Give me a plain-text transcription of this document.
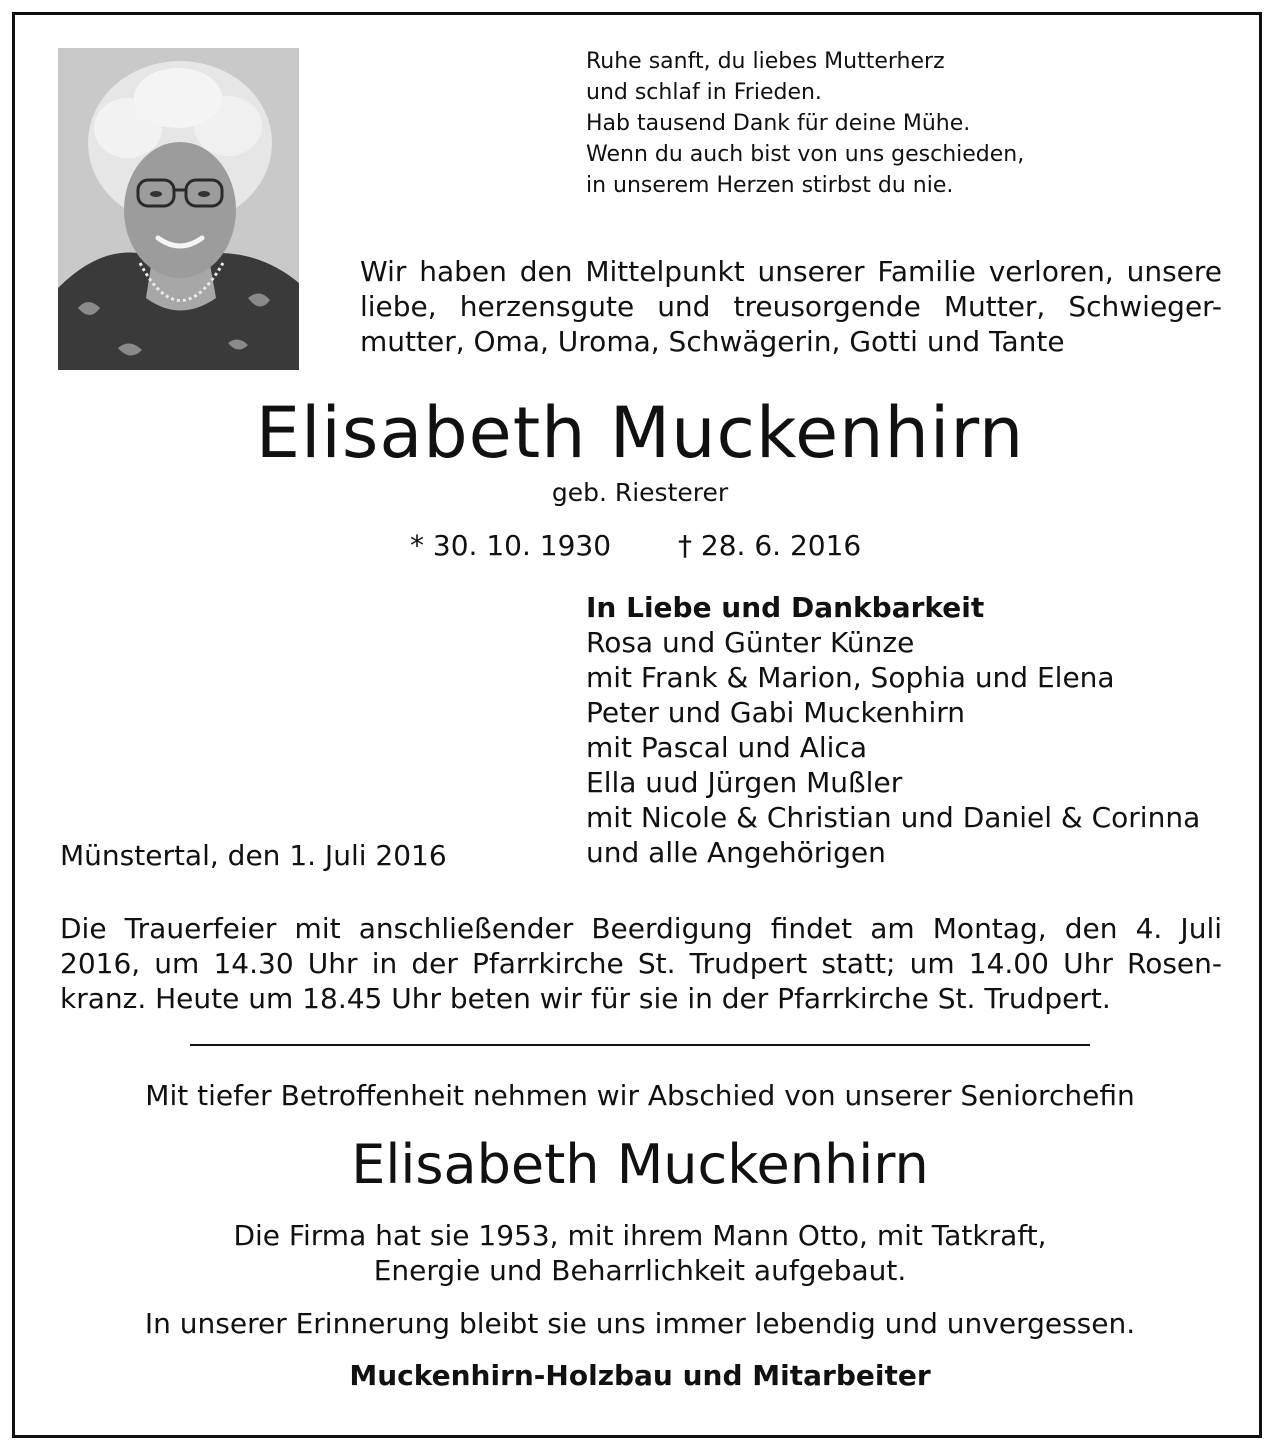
Ruhe sanft, du liebes Mutterherz
und schlaf in Frieden.
Hab tausend Dank für deine Mühe.
Wenn du auch bist von uns geschieden,
in unserem Herzen stirbst du nie.
Wir haben den Mittelpunkt unserer Familie verloren, unsere
liebe, herzensgute und treusorgende Mutter, Schwieger-
mutter, Oma, Uroma, Schwägerin, Gotti und Tante
Elisabeth Muckenhirn
geb. Riesterer
* 30. 10. 1930 † 28. 6. 2016
In Liebe und Dankbarkeit
Rosa und Günter Künze
mit Frank & Marion, Sophia und Elena
Peter und Gabi Muckenhirn
mit Pascal und Alica
Ella uud Jürgen Mußler
mit Nicole & Christian und Daniel & Corinna
und alle Angehörigen
Münstertal, den 1. Juli 2016
Die Trauerfeier mit anschließender Beerdigung findet am Montag, den 4. Juli
2016, um 14.30 Uhr in der Pfarrkirche St. Trudpert statt; um 14.00 Uhr Rosen-
kranz. Heute um 18.45 Uhr beten wir für sie in der Pfarrkirche St. Trudpert.
Mit tiefer Betroffenheit nehmen wir Abschied von unserer Seniorchefin
Elisabeth Muckenhirn
Die Firma hat sie 1953, mit ihrem Mann Otto, mit Tatkraft,
Energie und Beharrlichkeit aufgebaut.
In unserer Erinnerung bleibt sie uns immer lebendig und unvergessen.
Muckenhirn-Holzbau und Mitarbeiter
